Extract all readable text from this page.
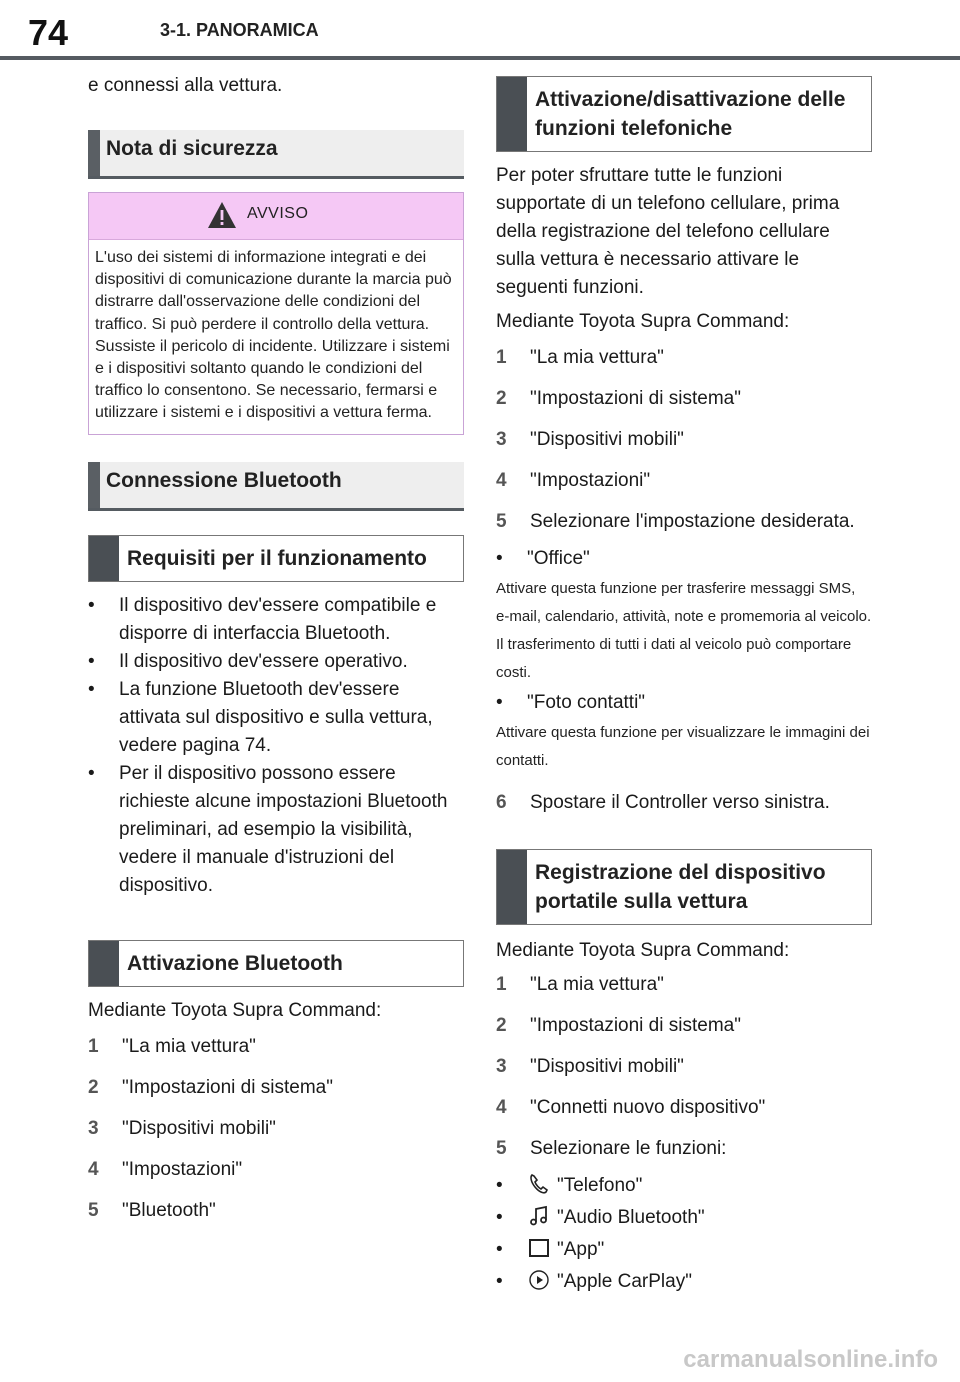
74	3-1. PANORAMICA

e connessi alla vettura.

Nota di sicurezza
AVVISO
L'uso dei sistemi di informazione integrati e dei dispositivi di comunicazione durante la marcia può distrarre dall'osservazione delle condizioni del traffico. Si può perdere il controllo della vettura. Sussiste il pericolo di incidente. Utilizzare i sistemi e i dispositivi soltanto quando le condizioni del traffico lo consentono. Se necessario, fermarsi e utilizzare i sistemi e i dispositivi a vettura ferma.
Connessione Bluetooth
Requisiti per il funzionamento
• Il dispositivo dev'essere compatibile e disporre di interfaccia Bluetooth.
• Il dispositivo dev'essere operativo.
• La funzione Bluetooth dev'essere attivata sul dispositivo e sulla vettura, vedere pagina 74.
• Per il dispositivo possono essere richieste alcune impostazioni Bluetooth preliminari, ad esempio la visibilità, vedere il manuale d'istruzioni del dispositivo.
Attivazione Bluetooth

Mediante Toyota Supra Command:

1 "La mia vettura"
2 "Impostazioni di sistema"
3 "Dispositivi mobili"
4 "Impostazioni"
5 "Bluetooth"
Attivazione/disattivazione delle funzioni telefoniche

Per poter sfruttare tutte le funzioni supportate di un telefono cellulare, prima della registrazione del telefono cellulare sulla vettura è necessario attivare le seguenti funzioni.

Mediante Toyota Supra Command:

1 "La mia vettura"
2 "Impostazioni di sistema"
3 "Dispositivi mobili"
4 "Impostazioni"
5 Selezionare l'impostazione desiderata.
• "Office"

Attivare questa funzione per trasferire messaggi SMS, e-mail, calendario, attività, note e promemoria al veicolo. Il trasferimento di tutti i dati al veicolo può comportare costi.

• "Foto contatti"

Attivare questa funzione per visualizzare le immagini dei contatti.

6 Spostare il Controller verso sinistra.
Registrazione del dispositivo portatile sulla vettura

Mediante Toyota Supra Command:

1 "La mia vettura"
2 "Impostazioni di sistema"
3 "Dispositivi mobili"
4 "Connetti nuovo dispositivo"
5 Selezionare le funzioni:
•	"Telefono"
•	"Audio Bluetooth"
•	"App"
•	"Apple CarPlay"
carmanualsonline.info
